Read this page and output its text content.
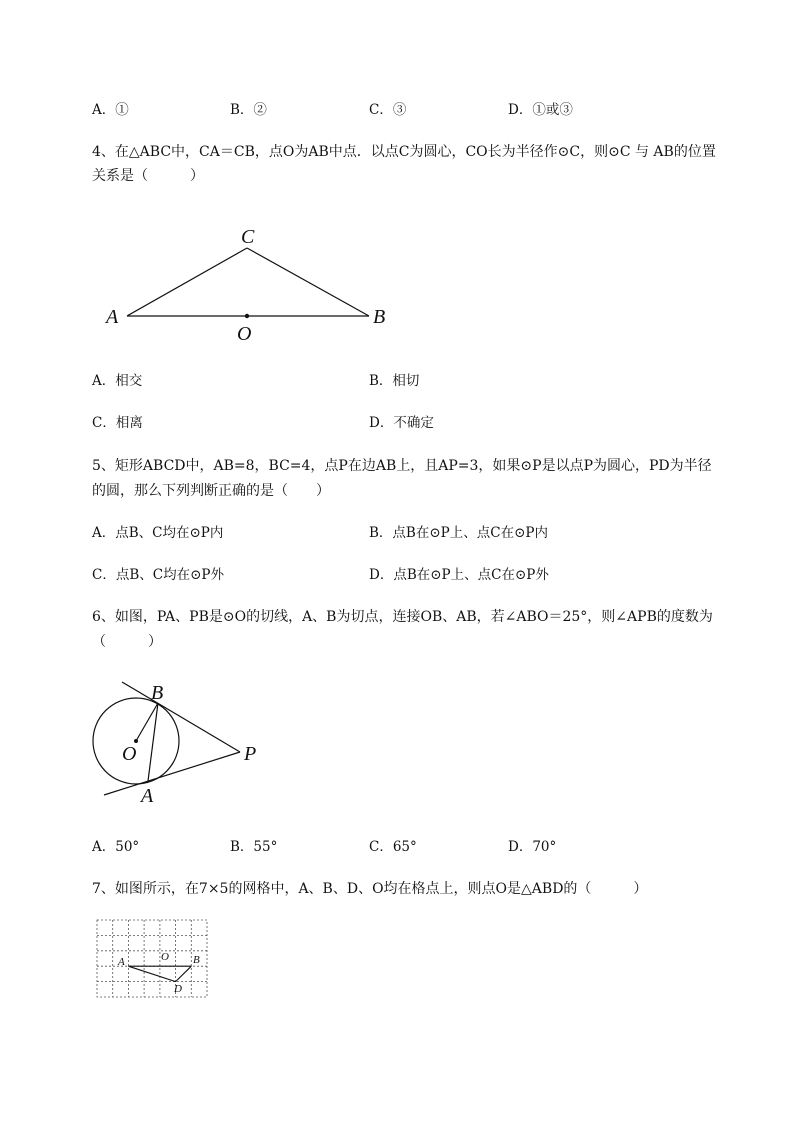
A．①	B．②	C．③	D．①或③
4、在△ABC中，CA＝CB，点O为AB中点．以点C为圆心，CO长为半径作⊙C，则⊙C 与 AB的位置
关系是（　　　）
C
A	B
O
A．相交	B．相切
C．相离	D．不确定
5、矩形ABCD中，AB=8，BC=4，点P在边AB上，且AP=3，如果⊙P是以点P为圆心，PD为半径
的圆，那么下列判断正确的是（　　）
A．点B、C均在⊙P内	B．点B在⊙P上、点C在⊙P内
C．点B、C均在⊙P外	D．点B在⊙P上、点C在⊙P外
6、如图，PA、PB是⊙O的切线，A、B为切点，连接OB、AB，若∠ABO＝25°，则∠APB的度数为
（　　　）
B
O	P
A
A．50°	B．55°	C．65°	D．70°
7、如图所示，在7×5的网格中，A、B、D、O均在格点上，则点O是△ABD的（　　　）
A	O B
D
